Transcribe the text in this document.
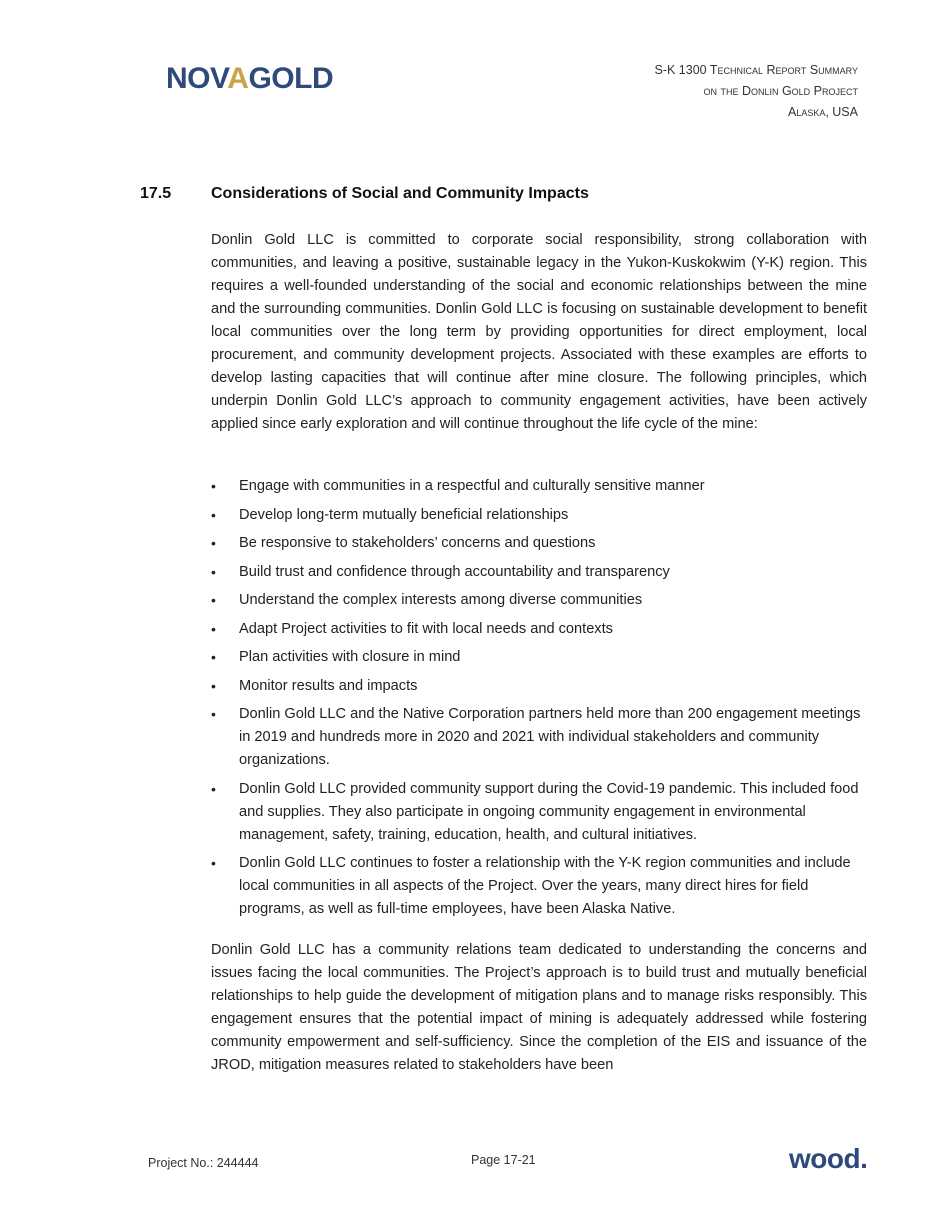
NOVAGOLD	S-K 1300 Technical Report Summary
on the Donlin Gold Project
Alaska, USA
17.5 Considerations of Social and Community Impacts

Donlin Gold LLC is committed to corporate social responsibility, strong collaboration with communities, and leaving a positive, sustainable legacy in the Yukon-Kuskokwim (Y-K) region. This requires a well-founded understanding of the social and economic relationships between the mine and the surrounding communities. Donlin Gold LLC is focusing on sustainable development to benefit local communities over the long term by providing opportunities for direct employment, local procurement, and community development projects. Associated with these examples are efforts to develop lasting capacities that will continue after mine closure. The following principles, which underpin Donlin Gold LLC’s approach to community engagement activities, have been actively applied since early exploration and will continue throughout the life cycle of the mine:

•	Engage with communities in a respectful and culturally sensitive manner
•	Develop long-term mutually beneficial relationships
•	Be responsive to stakeholders’ concerns and questions
•	Build trust and confidence through accountability and transparency
•	Understand the complex interests among diverse communities
•	Adapt Project activities to fit with local needs and contexts
•	Plan activities with closure in mind
•	Monitor results and impacts
•	Donlin Gold LLC and the Native Corporation partners held more than 200 engagement meetings in 2019 and hundreds more in 2020 and 2021 with individual stakeholders and community organizations.
•	Donlin Gold LLC provided community support during the Covid-19 pandemic. This included food and supplies. They also participate in ongoing community engagement in environmental management, safety, training, education, health, and cultural initiatives.
•	Donlin Gold LLC continues to foster a relationship with the Y-K region communities and include local communities in all aspects of the Project. Over the years, many direct hires for field programs, as well as full-time employees, have been Alaska Native.

Donlin Gold LLC has a community relations team dedicated to understanding the concerns and issues facing the local communities. The Project’s approach is to build trust and mutually beneficial relationships to help guide the development of mitigation plans and to manage risks responsibly. This engagement ensures that the potential impact of mining is adequately addressed while fostering community empowerment and self-sufficiency. Since the completion of the EIS and issuance of the JROD, mitigation measures related to stakeholders have been

Project No.: 244444	Page 17-21	wood.
